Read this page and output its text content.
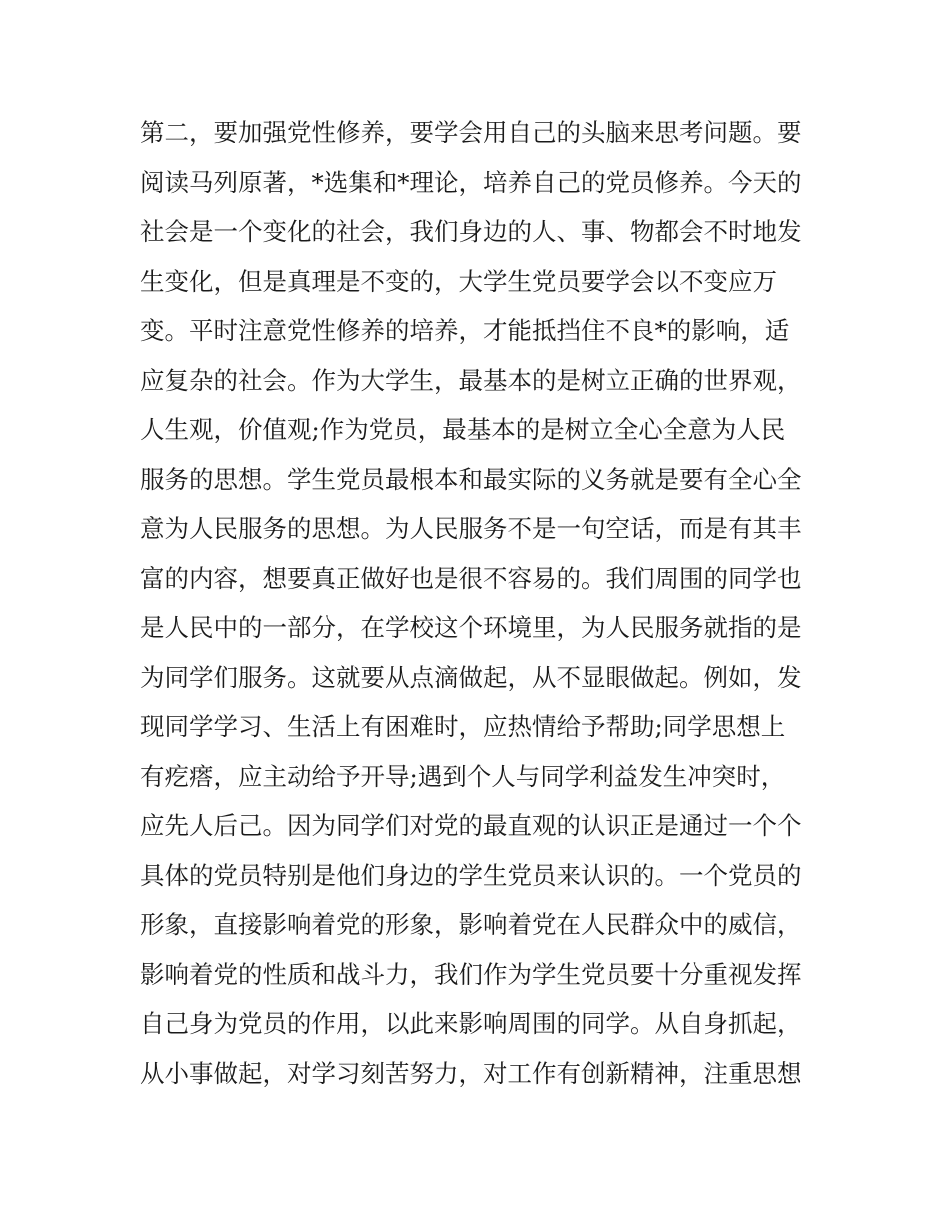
第二，要加强党性修养，要学会用自己的头脑来思考问题。要
阅读马列原著，*选集和*理论，培养自己的党员修养。今天的
社会是一个变化的社会，我们身边的人、事、物都会不时地发
生变化，但是真理是不变的，大学生党员要学会以不变应万
变。平时注意党性修养的培养，才能抵挡住不良*的影响，适
应复杂的社会。作为大学生，最基本的是树立正确的世界观，
人生观，价值观;作为党员，最基本的是树立全心全意为人民
服务的思想。学生党员最根本和最实际的义务就是要有全心全
意为人民服务的思想。为人民服务不是一句空话，而是有其丰
富的内容，想要真正做好也是很不容易的。我们周围的同学也
是人民中的一部分，在学校这个环境里，为人民服务就指的是
为同学们服务。这就要从点滴做起，从不显眼做起。例如，发
现同学学习、生活上有困难时，应热情给予帮助;同学思想上
有疙瘩，应主动给予开导;遇到个人与同学利益发生冲突时，
应先人后己。因为同学们对党的最直观的认识正是通过一个个
具体的党员特别是他们身边的学生党员来认识的。一个党员的
形象，直接影响着党的形象，影响着党在人民群众中的威信，
影响着党的性质和战斗力，我们作为学生党员要十分重视发挥
自己身为党员的作用，以此来影响周围的同学。从自身抓起，
从小事做起，对学习刻苦努力，对工作有创新精神，注重思想
